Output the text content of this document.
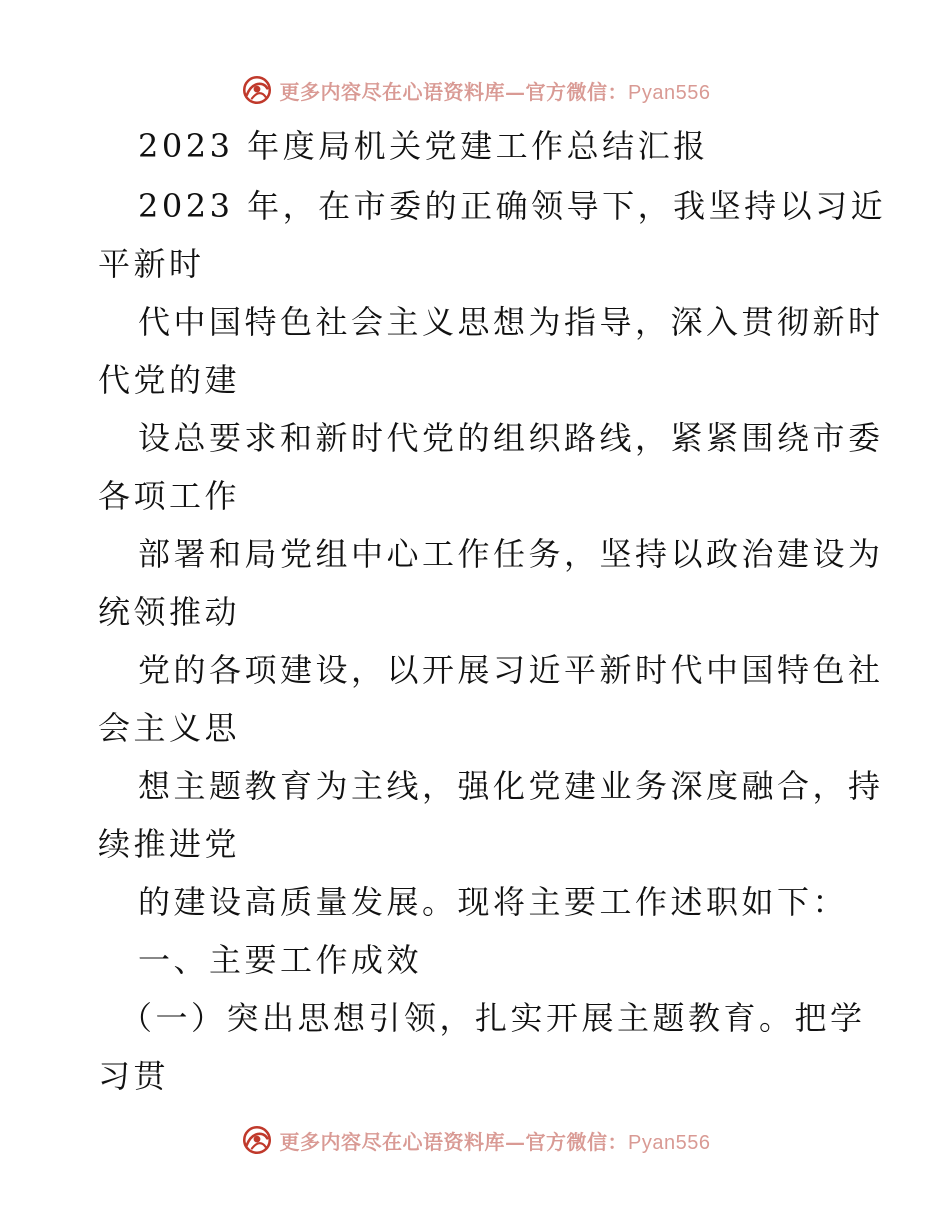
更多内容尽在心语资料库—官方微信：Pyan556
2023 年度局机关党建工作总结汇报
2023 年，在市委的正确领导下，我坚持以习近
平新时
代中国特色社会主义思想为指导，深入贯彻新时
代党的建
设总要求和新时代党的组织路线，紧紧围绕市委
各项工作
部署和局党组中心工作任务，坚持以政治建设为
统领推动
党的各项建设，以开展习近平新时代中国特色社
会主义思
想主题教育为主线，强化党建业务深度融合，持
续推进党
的建设高质量发展。现将主要工作述职如下：
一、主要工作成效
（一）突出思想引领，扎实开展主题教育。把学
习贯
更多内容尽在心语资料库—官方微信：Pyan556
